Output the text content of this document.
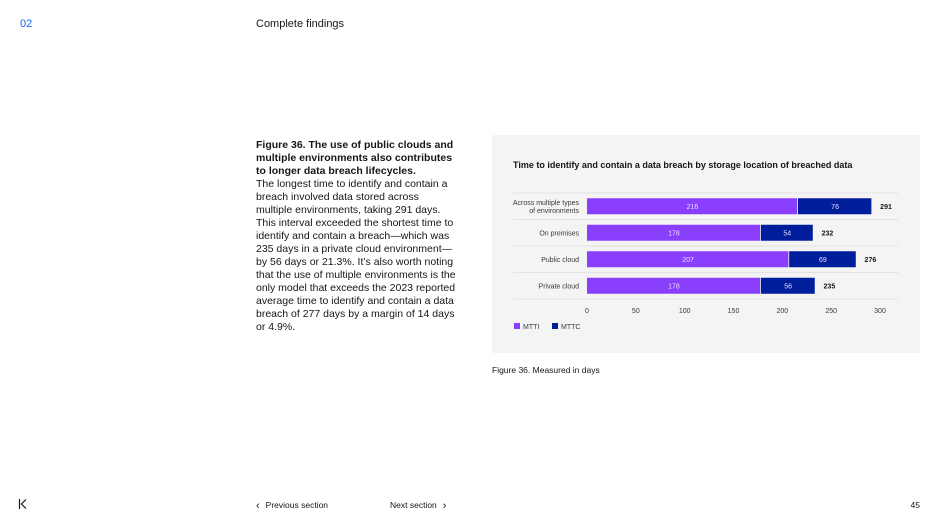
02	Complete findings

Figure 36. The use of public clouds and multiple environments also contributes to longer data breach lifecycles.

The longest time to identify and contain a breach involved data stored across multiple environments, taking 291 days. This interval exceeded the shortest time to identify and contain a breach—which was 235 days in a private cloud environment—by 56 days or 21.3%. It’s also worth noting that the use of multiple environments is the only model that exceeds the 2023 reported average time to identify and contain a data breach of 277 days by a margin of 14 days or 4.9%.

Time to identify and contain a data breach by storage location of breached data
Across multiple types
of environments
216	76	291
On premises	178	54	232
Public cloud	207	69	276
Private cloud	178	56	235
0	50	100	150	200	250	300
MTTI	MTTC
Figure 36. Measured in days
‹ Previous section	Next section ›	45
